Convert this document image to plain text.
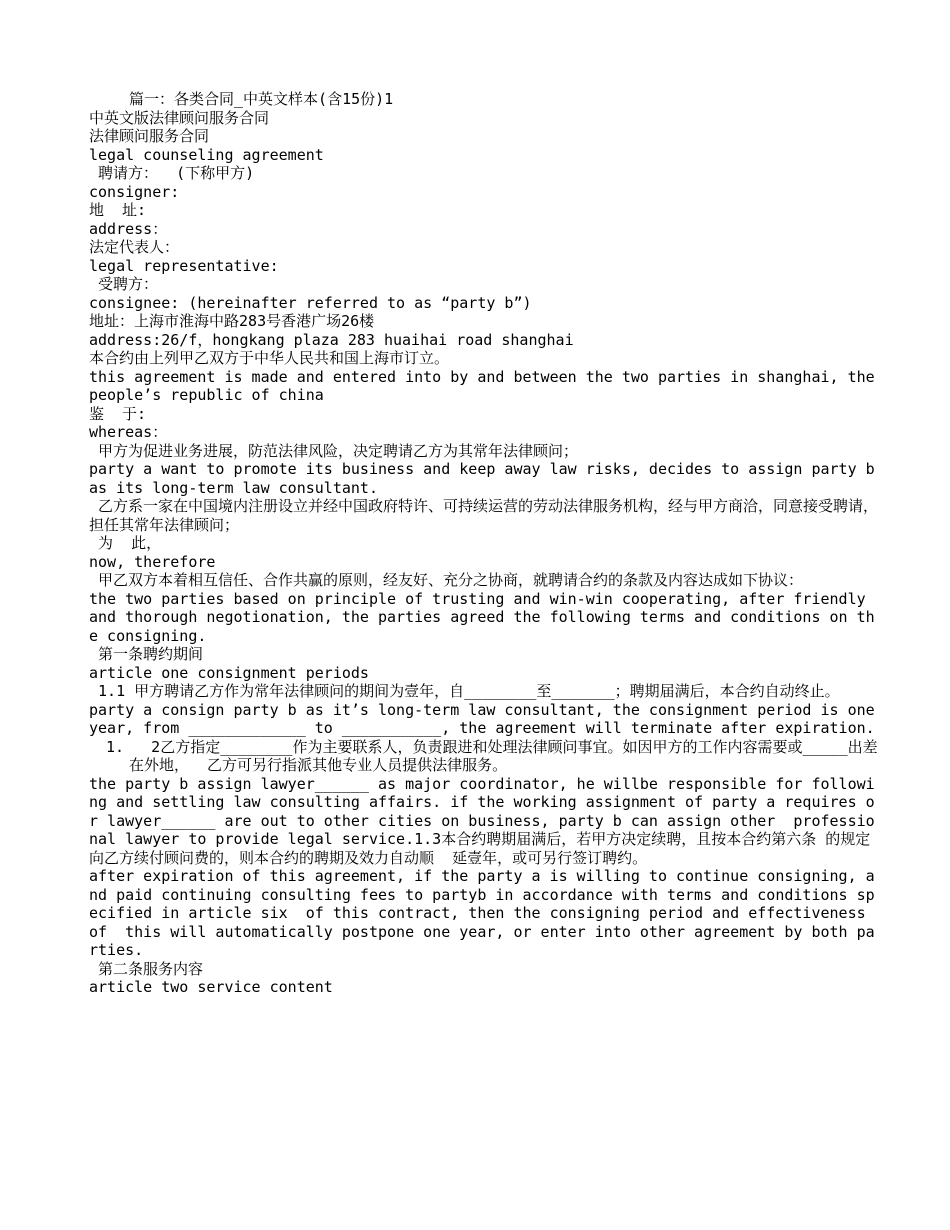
篇一：各类合同_中英文样本(含15份)1

中英文版法律顾问服务合同

法律顾问服务合同

legal counseling agreement

聘请方：  (下称甲方)

consigner:

地  址:

address：

法定代表人：

legal representative:

受聘方：

consignee: (hereinafter referred to as “party b”)

地址：上海市淮海中路283号香港广场26楼

address:26/f，hongkang plaza 283 huaihai road shanghai

本合约由上列甲乙双方于中华人民共和国上海市订立。

this agreement is made and entered into by and between the two parties in shanghai, the people’s republic of china

鉴  于:

whereas：

甲方为促进业务进展，防范法律风险，决定聘请乙方为其常年法律顾问；

party a want to promote its business and keep away law risks, decides to assign party b as its long-term law consultant.

乙方系一家在中国境内注册设立并经中国政府特许、可持续运营的劳动法律服务机构，经与甲方商洽，同意接受聘请，担任其常年法律顾问；

为  此，

now, therefore

甲乙双方本着相互信任、合作共赢的原则，经友好、充分之协商，就聘请合约的条款及内容达成如下协议：

the two parties based on principle of trusting and win-win cooperating, after friendly and thorough negotionation, the parties agreed the following terms and conditions on the consigning.

第一条聘约期间

article one consignment periods

1.1 甲方聘请乙方作为常年法律顾问的期间为壹年，自________至_______；聘期届满后，本合约自动终止。

party a consign party b as it’s long-term law consultant, the consignment period is one year, from _____________ to ___________, the agreement will terminate after expiration.

1.   2乙方指定________作为主要联系人，负责跟进和处理法律顾问事宜。如因甲方的工作内容需要或_____出差在外地，  乙方可另行指派其他专业人员提供法律服务。

the party b assign lawyer______ as major coordinator, he willbe responsible for following and settling law consulting affairs. if the working assignment of party a requires or lawyer______ are out to other cities on business, party b can assign other  professional lawyer to provide legal service.1.3本合约聘期届满后，若甲方决定续聘，且按本合约第六条 的规定向乙方续付顾问费的，则本合约的聘期及效力自动顺  延壹年，或可另行签订聘约。

after expiration of this agreement, if the party a is willing to continue consigning, and paid continuing consulting fees to partyb in accordance with terms and conditions specified in article six  of this contract, then the consigning period and effectiveness of  this will automatically postpone one year, or enter into other agreement by both parties.

第二条服务内容

article two service content
